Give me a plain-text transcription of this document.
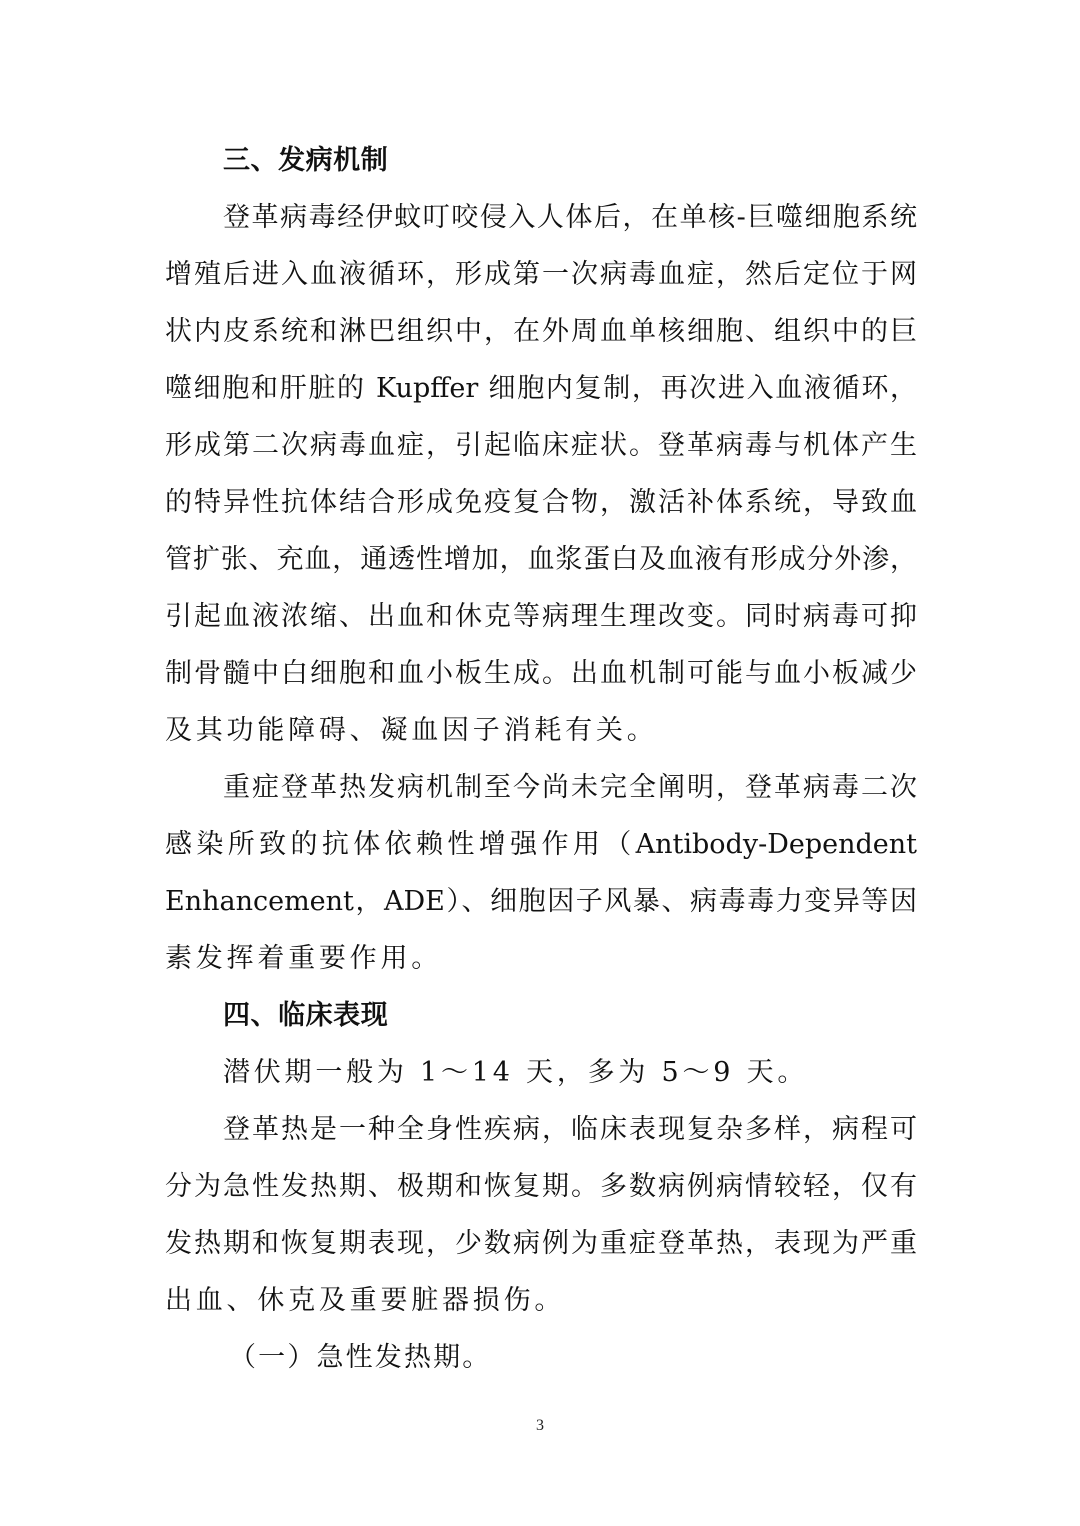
三、发病机制
登革病毒经伊蚊叮咬侵入人体后，在单核-巨噬细胞系统
增殖后进入血液循环，形成第一次病毒血症，然后定位于网
状内皮系统和淋巴组织中，在外周血单核细胞、组织中的巨
噬细胞和肝脏的 Kupffer 细胞内复制，再次进入血液循环，
形成第二次病毒血症，引起临床症状。登革病毒与机体产生
的特异性抗体结合形成免疫复合物，激活补体系统，导致血
管扩张、充血，通透性增加，血浆蛋白及血液有形成分外渗，
引起血液浓缩、出血和休克等病理生理改变。同时病毒可抑
制骨髓中白细胞和血小板生成。出血机制可能与血小板减少
及其功能障碍、凝血因子消耗有关。
重症登革热发病机制至今尚未完全阐明，登革病毒二次
感染所致的抗体依赖性增强作用（Antibody-Dependent
Enhancement，ADE）、细胞因子风暴、病毒毒力变异等因
素发挥着重要作用。
四、临床表现
潜伏期一般为 1～14 天，多为 5～9 天。
登革热是一种全身性疾病，临床表现复杂多样，病程可
分为急性发热期、极期和恢复期。多数病例病情较轻，仅有
发热期和恢复期表现，少数病例为重症登革热，表现为严重
出血、休克及重要脏器损伤。
（一）急性发热期。
3
